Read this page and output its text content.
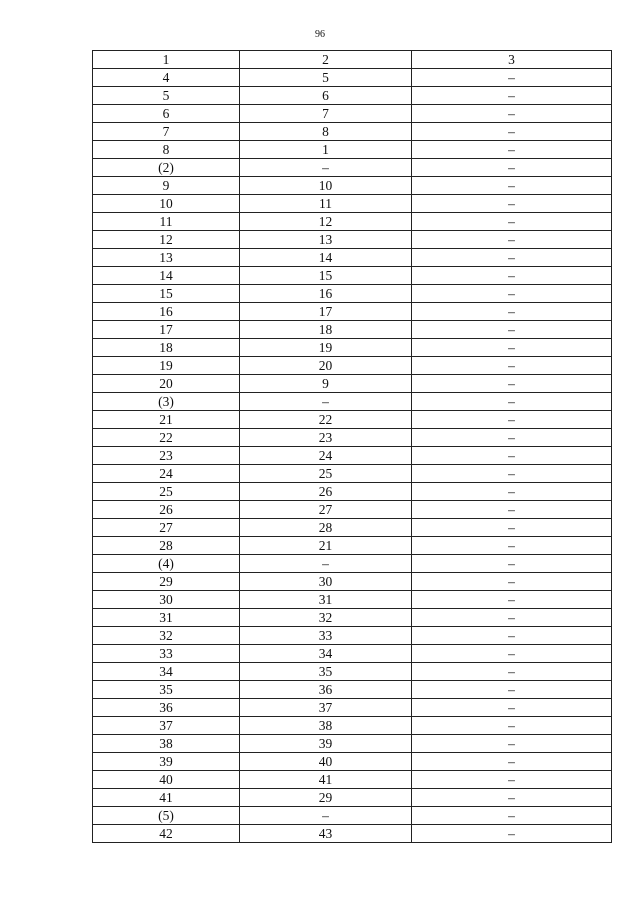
96
1	2	3
4	5	–
5	6	–
6	7	–
7	8	–
8	1	–
(2)	–	–
9	10	–
10	11	–
11	12	–
12	13	–
13	14	–
14	15	–
15	16	–
16	17	–
17	18	–
18	19	–
19	20	–
20	9	–
(3)	–	–
21	22	–
22	23	–
23	24	–
24	25	–
25	26	–
26	27	–
27	28	–
28	21	–
(4)	–	–
29	30	–
30	31	–
31	32	–
32	33	–
33	34	–
34	35	–
35	36	–
36	37	–
37	38	–
38	39	–
39	40	–
40	41	–
41	29	–
(5)	–	–
42	43	–
